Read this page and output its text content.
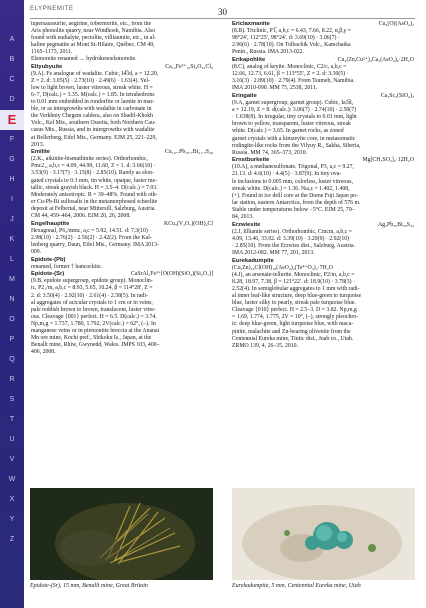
A
B
C
D
E
F
G
H
I
J
K
L
M
N
O
P
Q
R
S
T
U
V
W
X
Y
Z
ELYPNEMITE	30
tupersaussurite, aegirine, tobermorite, etc., from the
Aris phonolite quarry, near Windhoek, Namibia. Also
found with eudialyte, pectolite, villiaumite, etc., in al-
kaline pegmatite at Mont St-Hilaire, Québec. CM 49,
1165–1173, 2011.
Elsmoreite renamed → hydrokenoelsmoreite.
Ca₁₂Fe³⁺₁₀Si₄O₃₂Cl₆
Eltyubyuite
(9.A). Fe analogue of wadalite. Cubic, I4̅3d, a = 12.20,
Z = 2. d: 3.05(5) · 2.73(10) · 2.49(6) · 1.63(4). Yel-
low to light brown, luster vitreous, streak white. H =
6–7, D(calc.) = 3.35. M(calc.) = 1.85. In tetrahedrons
to 0.01 mm embedded in rondorfite or larnite in mar-
ble, or as intergrowths with wadalite in carbonate in
the Verkhniy Chegem caldera, also on Shadil-Khokh
Volc., Kel Mts., southern Ossetia, both Northern Cau-
casus Mts., Russia, and in intergrowths with wadalite
at Bellerberg, Eifel Mts., Germany. EJM 25, 221–229,
2013.
Cu₁₀.₇Pb₁₀.₇Bi₂₁.₃S₄₈
Emilite
(2.K., aikinite-bismuthinite series). Orthorhombic,
Pmc2₁, a,b,c = 4.09, 44.99, 11.60, Z = 1. d: 3.66(10) ·
3.53(9) · 3.17(7) · 3.15(8) · 2.85(10). Rarely as elon-
gated crystals to 0.3 mm, tin white, opaque, luster me-
tallic, streak grayish black. H = 3.5–4. D(calc.) = 7.03.
Moderately anisotropic. R = 39–48%. Found with oth-
er Cu-Pb-Bi sulfosalts in the metamorphosed scheelite
deposit at Felbertal, near Mittersill, Salzburg, Austria.
CM 44, 459–464, 2006. EJM 20, 26, 2008.
KCu₃(V₂O₇)(OH)₂Cl
Engelhauptite
Hexagonal, P6₃/mmc, a,c = 5.92, 14.51. d: 7.3(10) ·
2.98(10) · 2.76(2) · 2.56(2) · 2.42(2). From the Kal-
lenberg quarry, Daun, Eifel Mts., Germany. IMA 2013-
009.
Epidote-(Pb)
renamed, former † hancockite.
CaSrAl₂Fe³⁺[O(OH)(SiO₄)(Si₂O₇)]
Epidote-(Sr)
(9.B, epidote supergroup, epidote group). Monoclin-
ic, P2₁/m, a,b,c = 8.93, 5.65, 10.24, β = 114°28′, Z =
2. d: 3.50(4) · 2.92(10) · 2.61(4) · 2.58(5). In radi-
al aggregates of acicular crystals to 1 cm or in veins,
pale reddish brown to brown, translucent, luster vitre-
ous. Cleavage {001} perfect. H = 6.5. D(calc.) = 3.74.
Np,m,g = 1.737, 1.780, 1.792, 2V(calc.) = 62°, (–). In
manganese veins or in piemontite breccia at the Ananai
Mn ore mine, Kochi pref., Shikoku Is., Japan, at the
Benallt mine, Rhiw, Gwynedd, Wales. JMPS 103, 400–
406, 2008.
Cu₄[O](AsO₄)₂
Ericlaxmanite
(8.B). Triclinic, P1̅, a,b,c = 6.43, 7.66, 8.22, α,β,γ =
98°24′, 112°25′, 98°24′. d: 3.69(10) · 3.06(7) ·
2.96(6) · 2.78(10). On Tolbachik Volc., Kamchatka
Penin., Russia. IMA 2013-022.
Cu₃(Zn,Cu²⁺)₄Ca₂(AsO₄)₆·2H₂O
Erikapohlite
(8.C), analog of keyite. Monoclinic, C2/c, a,b,c =
12.66, 12.73, 6.61, β = 113°55′, Z = 2. d: 3.30(5) ·
3.16(3) · 2.89(10) · 2.79(4). From Tsumeb, Namibia.
IMA 2010-090. MM 75, 2538, 2011.
Ca₃Sc₂(SiO₄)₃
Eringaite
(9.A, garnet supergroup, garnet group). Cubic, Ia3̅d,
a = 12.19, Z = 8. d(calc.): 3.06(7) · 2.74(10) · 2.50(7)
· 1.638(8). In irregular, tiny crystals to 0.01 mm, light
brown to yellow, transparent, luster vitreous, streak
white. D(calc.) = 3.65. In garnet rocks, as zoned
garnet crystals with a kimzeyite core, in metasomatic
rodingite-like rocks from the Vilyuy R., Sakha, Siberia,
Russia. MM 74, 365–373, 2010.
Mg[CH₃SO₃]₂·12H₂O
Ernstburkeite
(10.A), a methanesulfonate. Trigonal, P3, a,c = 9.27,
21.13. d: 4.6(10) · 4.4(5) · 3.87(9). In tiny ova-
le inclusions to 0.005 mm, colorless, luster vitreous,
streak white. D(calc.) = 1.36. Nω,ε = 1.402, 1.408,
(+). Found in ice drill core at the Dome Fuji Japan po-
lar station, eastern Antarctica, from the depth of 576 m.
Stable under temperatures below −5°C. EJM 25, 79–
84, 2013.
Ag₂Pb₂₀Bi₂₀S₄₄
Erzwiesite
(2.J, lillianite series). Orthorhombic, Cmcm, a,b,c =
4.09, 13.46, 33.92. d: 3.39(10) · 3.29(9) · 2.92(10)
· 2.85(10). From the Erzwies dist., Salzburg, Austria.
IMA 2012-082. MM 77, 201, 2013.
Eurekadumpite
(Cu,Zn)₁₆Cl(OH)₁₈(AsO₄)₂(Te⁴⁺O₃)₂·7H₂O
(4.J), an arsenate-tellurite. Monoclinic, P2/m, a,b,c =
8.28, 18.97, 7.38, β = 121°22′. d: 18.9(10) · 3.78(3) ·
2.52(4). In semiglobular aggregates to 1 mm with radi-
al inner leaf-like structure, deep blue-green to turquoise
blue, luster silky to pearly, streak pale turquoise blue.
Cleavage {010} perfect. H = 2.5–3. D = 3.82. Np,m,g
= 1.69, 1.774, 1.775, 2V = 10°, (–), strongly pleochro-
ic: deep blue-green, light turquoise blue, with maca-
pinite, malachite and Zn-bearing olivenite from the
Centennial Eureka mine, Tintic dist., Juab co., Utah.
ZRMO 139, 4, 26–35, 2010.
Epidote-(Sr), 15 mm, Benallt mine, Great Britain	Eurekadumpite, 5 mm, Centennial Eureka mine, Utah
